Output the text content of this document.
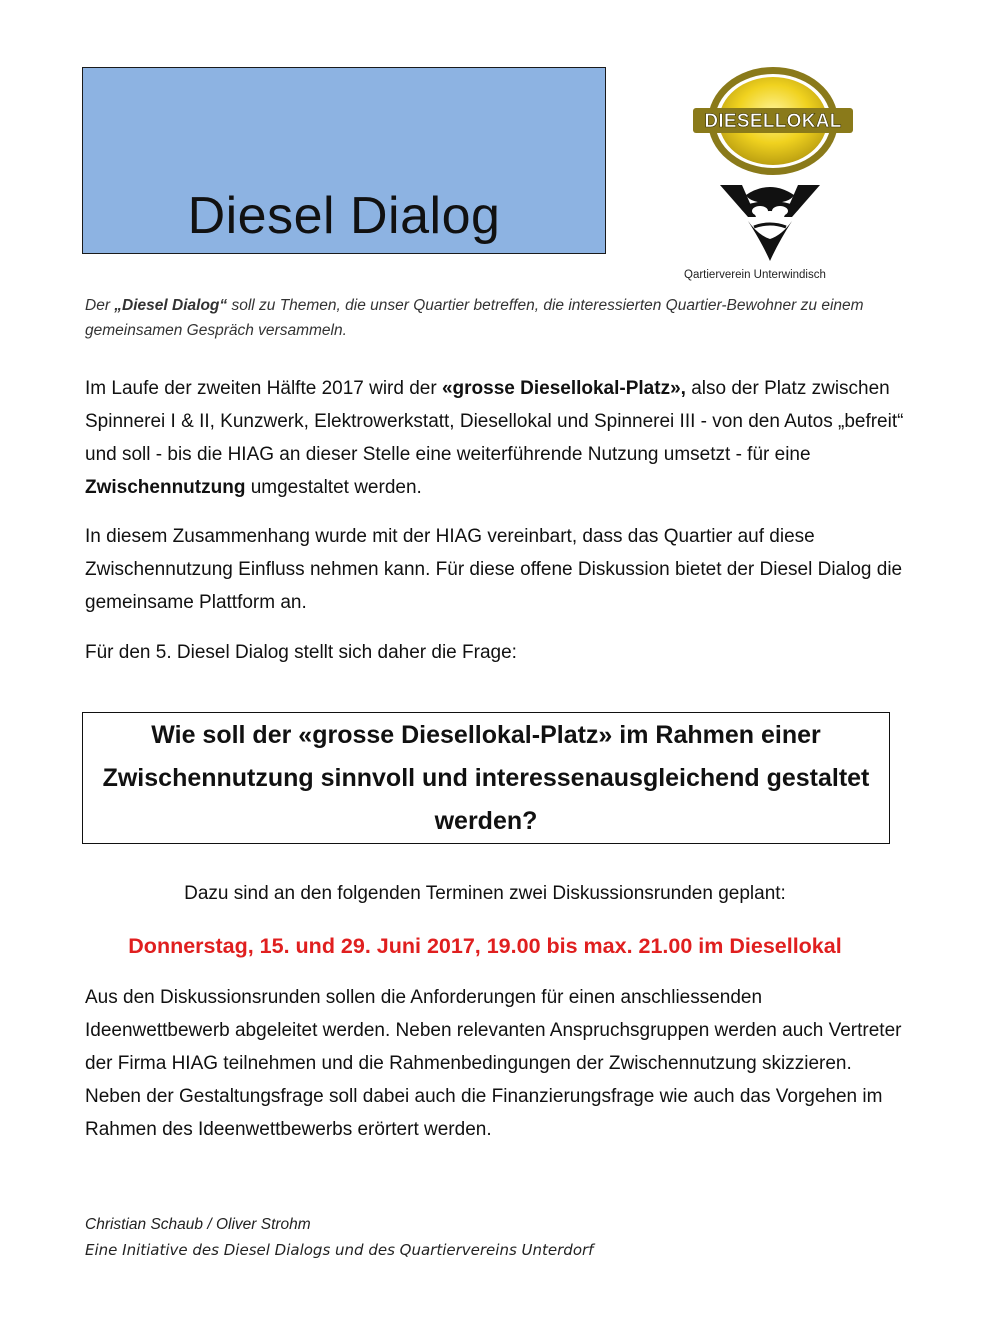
Diesel Dialog
DIESELLOKAL
Qartierverein Unterwindisch
Der „Diesel Dialog“ soll zu Themen, die unser Quartier betreffen, die interessierten Quartier-Bewohner zu einem gemeinsamen Gespräch versammeln.
Im Laufe der zweiten Hälfte 2017 wird der «grosse Diesellokal-Platz», also der Platz zwischen Spinnerei I & II, Kunzwerk, Elektrowerkstatt, Diesellokal und Spinnerei III - von den Autos „befreit“ und soll - bis die HIAG an dieser Stelle eine weiterführende Nutzung umsetzt - für eine Zwischennutzung umgestaltet werden.
In diesem Zusammenhang wurde mit der HIAG vereinbart, dass das Quartier auf diese Zwischennutzung Einfluss nehmen kann. Für diese offene Diskussion bietet der Diesel Dialog die gemeinsame Plattform an.
Für den 5. Diesel Dialog stellt sich daher die Frage:
Wie soll der «grosse Diesellokal-Platz» im Rahmen einer Zwischennutzung sinnvoll und interessenausgleichend gestaltet werden?
Dazu sind an den folgenden Terminen zwei Diskussionsrunden geplant:
Donnerstag, 15. und 29. Juni 2017, 19.00 bis max. 21.00 im Diesellokal
Aus den Diskussionsrunden sollen die Anforderungen für einen anschliessenden Ideenwettbewerb abgeleitet werden. Neben relevanten Anspruchsgruppen werden auch Vertreter der Firma HIAG teilnehmen und die Rahmenbedingungen der Zwischennutzung skizzieren. Neben der Gestaltungsfrage soll dabei auch die Finanzierungsfrage wie auch das Vorgehen im Rahmen des Ideenwettbewerbs erörtert werden.
Christian Schaub / Oliver Strohm
Eine Initiative des Diesel Dialogs und des Quartiervereins Unterdorf
